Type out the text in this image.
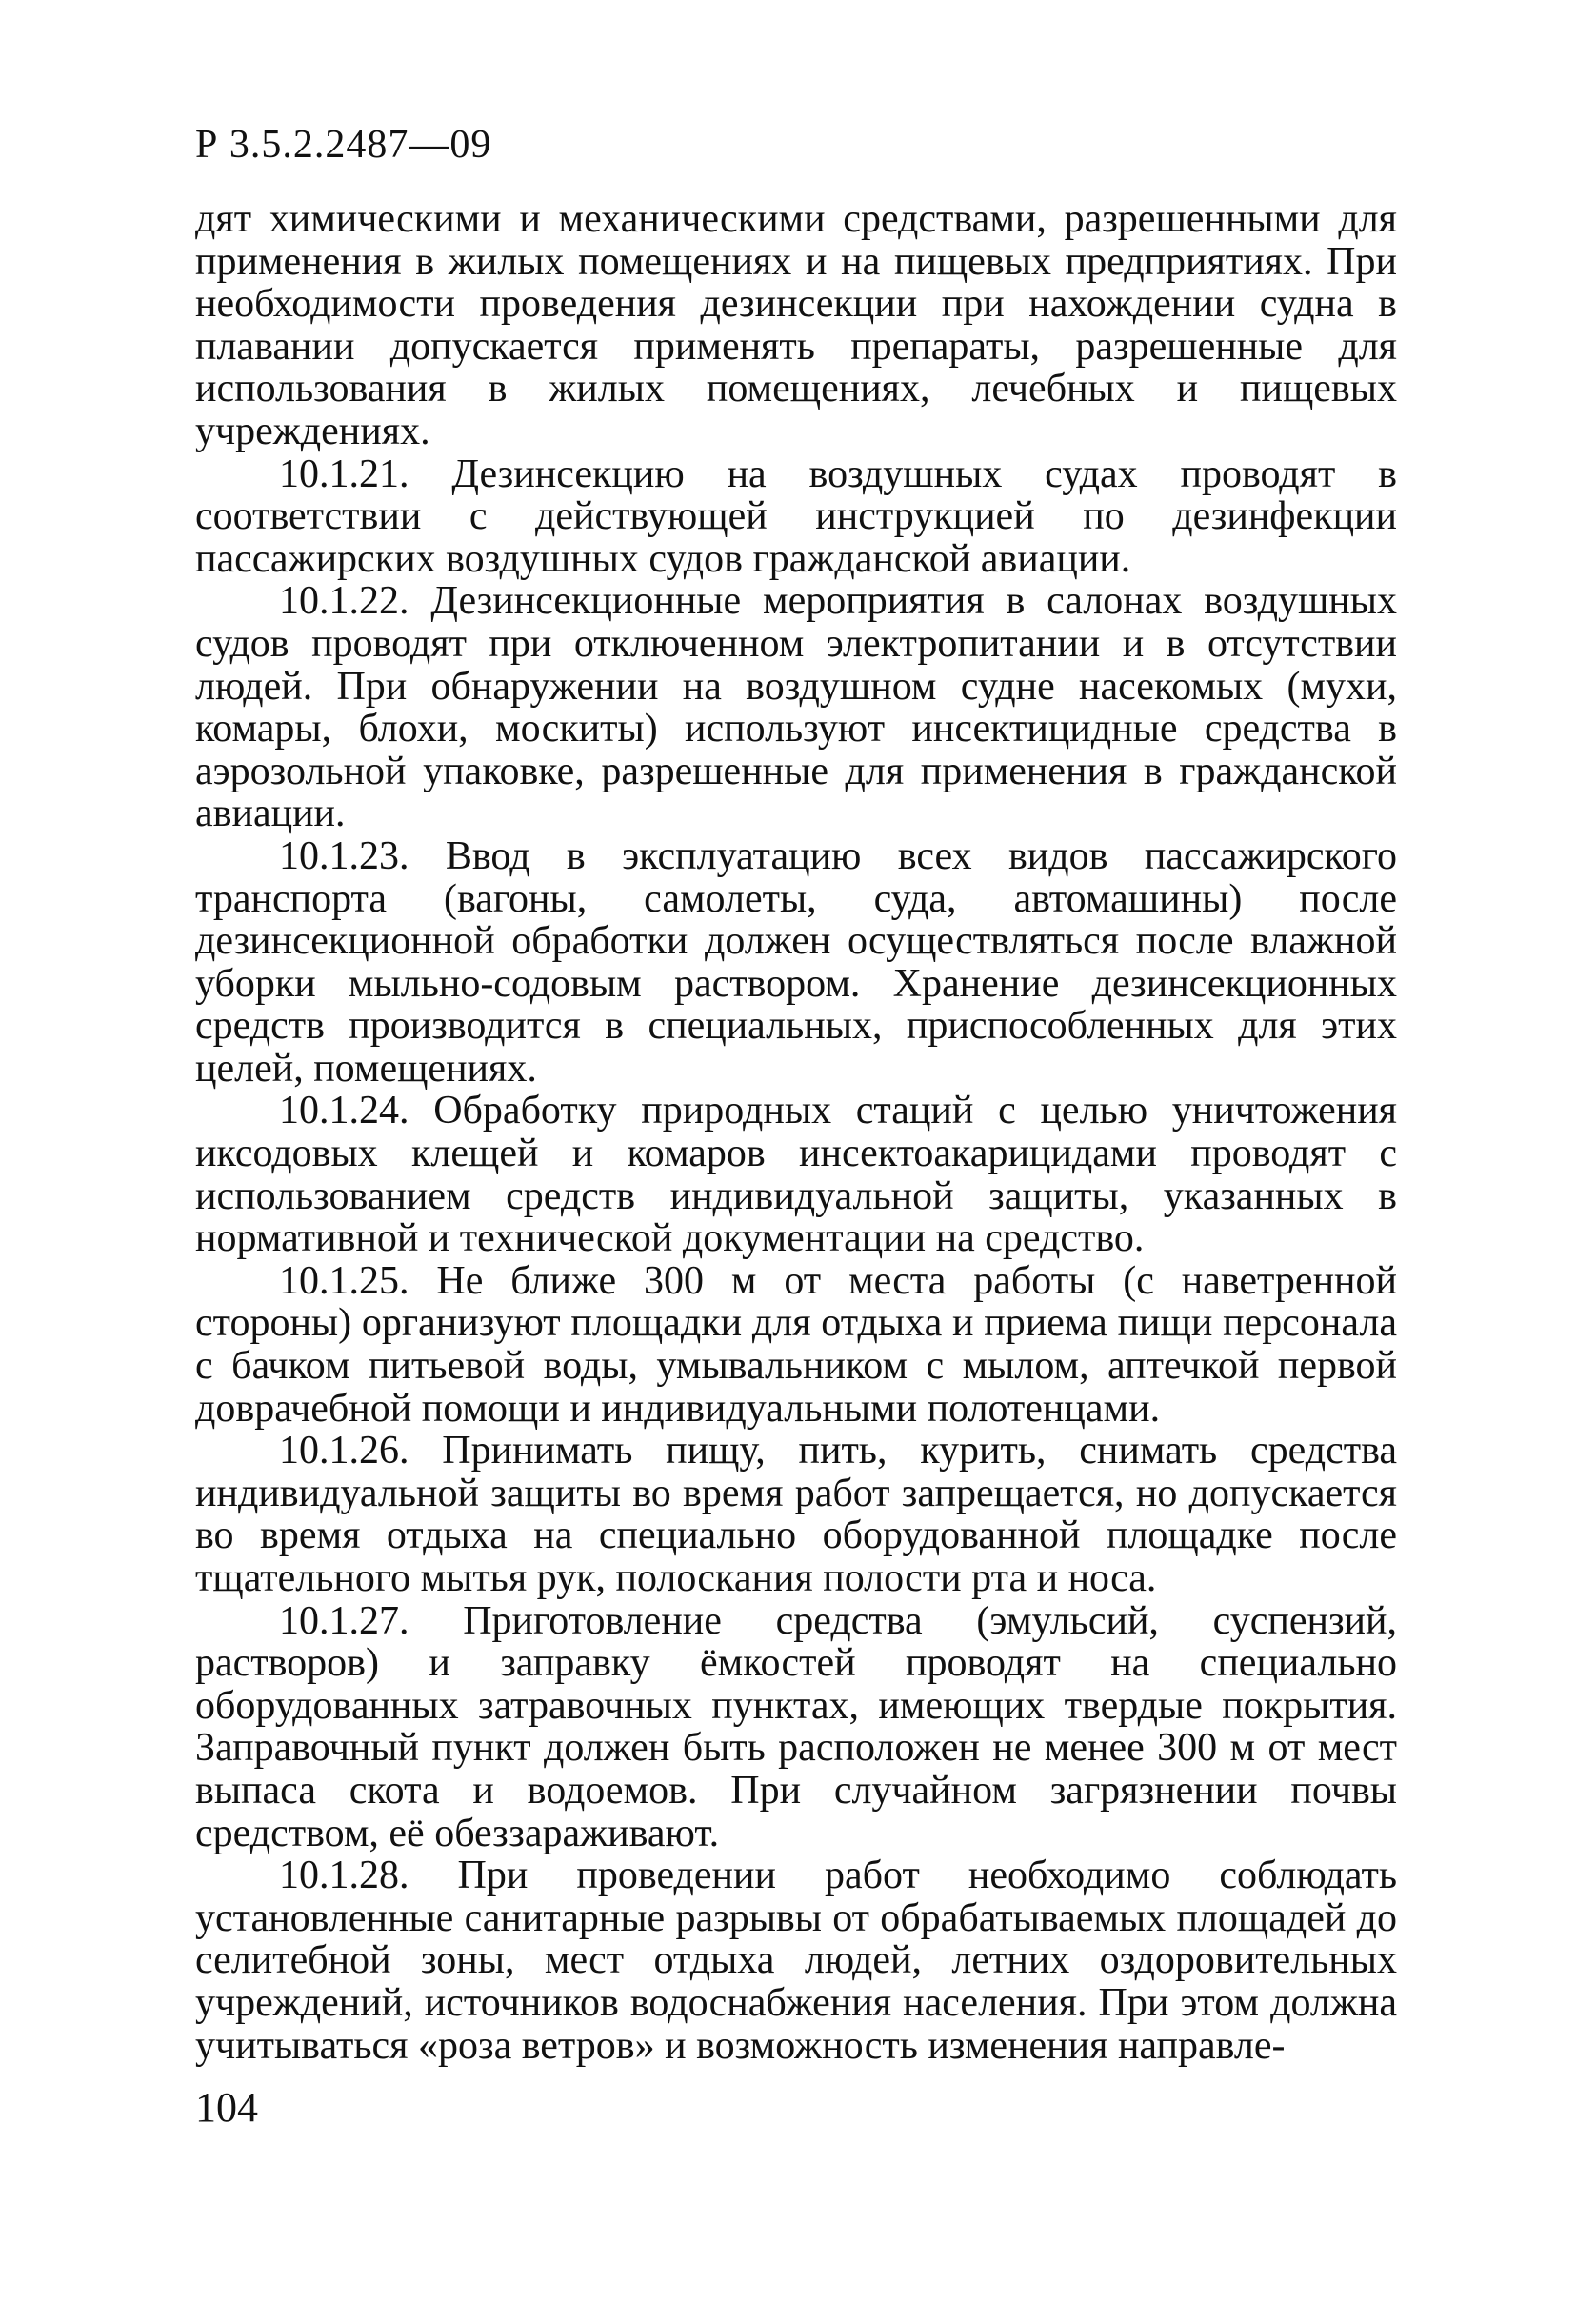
Р 3.5.2.2487—09

дят химическими и механическими средствами, разрешенными для применения в жилых помещениях и на пищевых предприятиях. При необходимости проведения дезинсекции при нахождении судна в плавании допускается применять препараты, разрешенные для использования в жилых помещениях, лечебных и пищевых учреждениях.

10.1.21. Дезинсекцию на воздушных судах проводят в соответствии с действующей инструкцией по дезинфекции пассажирских воздушных судов гражданской авиации.

10.1.22. Дезинсекционные мероприятия в салонах воздушных судов проводят при отключенном электропитании и в отсутствии людей. При обнаружении на воздушном судне насекомых (мухи, комары, блохи, москиты) используют инсектицидные средства в аэрозольной упаковке, разрешенные для применения в гражданской авиации.

10.1.23. Ввод в эксплуатацию всех видов пассажирского транспорта (вагоны, самолеты, суда, автомашины) после дезинсекционной обработки должен осуществляться после влажной уборки мыльно-содовым раствором. Хранение дезинсекционных средств производится в специальных, приспособленных для этих целей, помещениях.

10.1.24. Обработку природных стаций с целью уничтожения иксодовых клещей и комаров инсектоакарицидами проводят с использованием средств индивидуальной защиты, указанных в нормативной и технической документации на средство.

10.1.25. Не ближе 300 м от места работы (с наветренной стороны) организуют площадки для отдыха и приема пищи персонала с бачком питьевой воды, умывальником с мылом, аптечкой первой доврачебной помощи и индивидуальными полотенцами.

10.1.26. Принимать пищу, пить, курить, снимать средства индивидуальной защиты во время работ запрещается, но допускается во время отдыха на специально оборудованной площадке после тщательного мытья рук, полоскания полости рта и носа.

10.1.27. Приготовление средства (эмульсий, суспензий, растворов) и заправку ёмкостей проводят на специально оборудованных затравочных пунктах, имеющих твердые покрытия. Заправочный пункт должен быть расположен не менее 300 м от мест выпаса скота и водоемов. При случайном загрязнении почвы средством, её обеззараживают.

10.1.28. При проведении работ необходимо соблюдать установленные санитарные разрывы от обрабатываемых площадей до селитебной зоны, мест отдыха людей, летних оздоровительных учреждений, источников водоснабжения населения. При этом должна учитываться «роза ветров» и возможность изменения направле-

104
